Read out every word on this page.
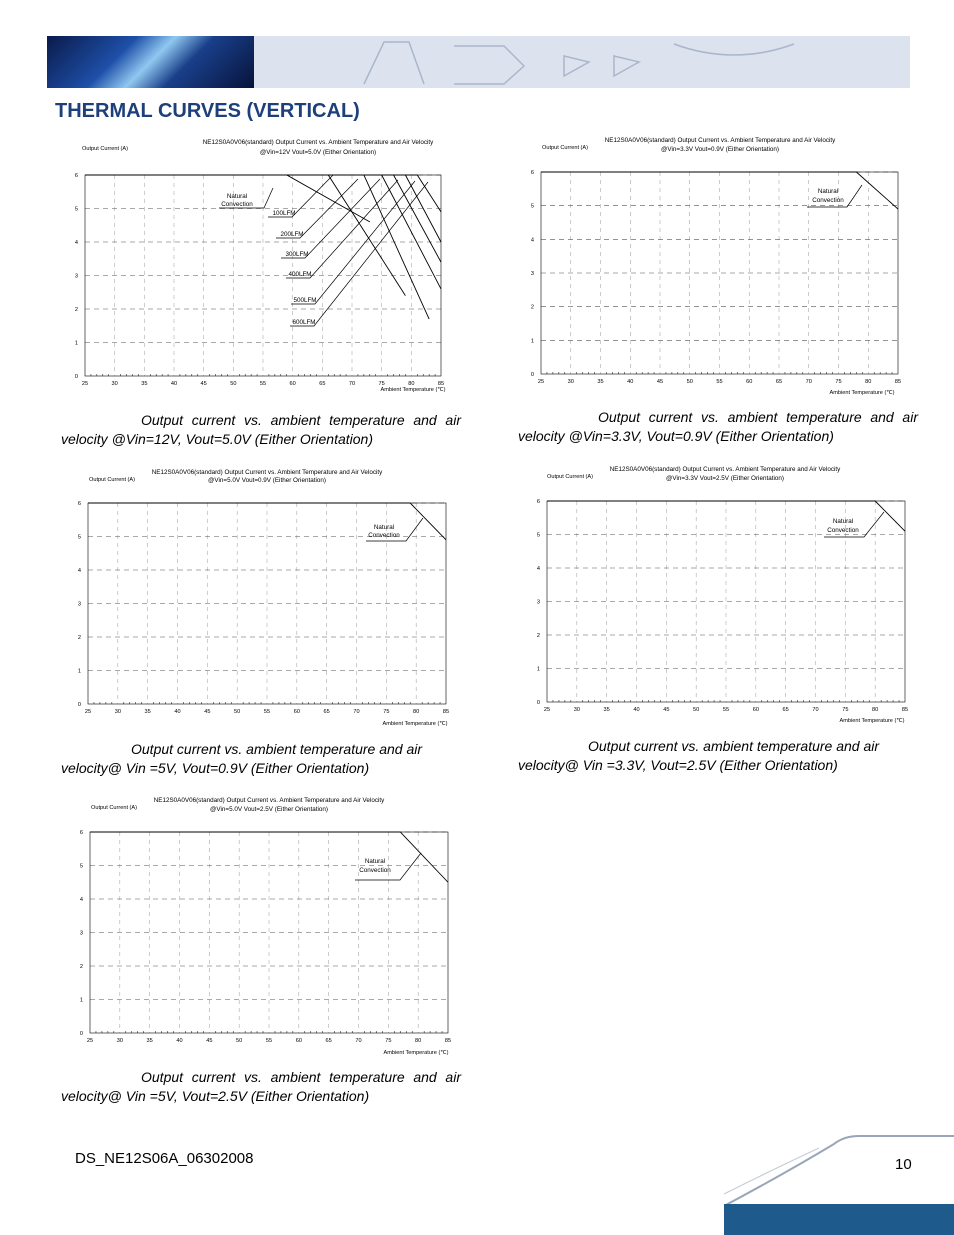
THERMAL CURVES (VERTICAL)
NE12S0A0V06(standard) Output Current vs. Ambient Temperature and Air Velocity
@Vin=12V Vout=5.0V (Either Orientation)
Output Current (A)
Ambient Temperature (℃)
25	30	35	40	45	50	55	60	65	70	75	80	85
0
1
2
3
4
5
6
Natural
Convection
100LFM
200LFM
300LFM
400LFM
500LFM
600LFM

Output current vs. ambient temperature and air
velocity @Vin=12V, Vout=5.0V (Either Orientation)

NE12S0A0V06(standard) Output Current vs. Ambient Temperature and Air Velocity
@Vin=3.3V Vout=0.9V (Either Orientation)
Output Current (A)
Ambient Temperature (℃)
25	30	35	40	45	50	55	60	65	70	75	80	85
0
1
2
3
4
5
6
Natural
Convection

Output current vs. ambient temperature and air
velocity @Vin=3.3V, Vout=0.9V (Either Orientation)

NE12S0A0V06(standard) Output Current vs. Ambient Temperature and Air Velocity
@Vin=5.0V Vout=0.9V (Either Orientation)
Output Current (A)
Ambient Temperature (℃)
25	30	35	40	45	50	55	60	65	70	75	80	85
0
1
2
3
4
5
6
Natural
Convection

Output current vs. ambient temperature and air
velocity@ Vin =5V, Vout=0.9V (Either Orientation)

NE12S0A0V06(standard) Output Current vs. Ambient Temperature and Air Velocity
@Vin=3.3V Vout=2.5V (Either Orientation)
Output Current (A)
Ambient Temperature (℃)
25	30	35	40	45	50	55	60	65	70	75	80	85
0
1
2
3
4
5
6
Natural
Convection

Output current vs. ambient temperature and air
velocity@ Vin =3.3V, Vout=2.5V (Either Orientation)

NE12S0A0V06(standard) Output Current vs. Ambient Temperature and Air Velocity
@Vin=5.0V Vout=2.5V (Either Orientation)
Output Current (A)
Ambient Temperature (℃)
25	30	35	40	45	50	55	60	65	70	75	80	85
0
1
2
3
4
5
6
Natural
Convection

Output current vs. ambient temperature and air
velocity@ Vin =5V, Vout=2.5V (Either Orientation)

DS_NE12S06A_06302008	10
